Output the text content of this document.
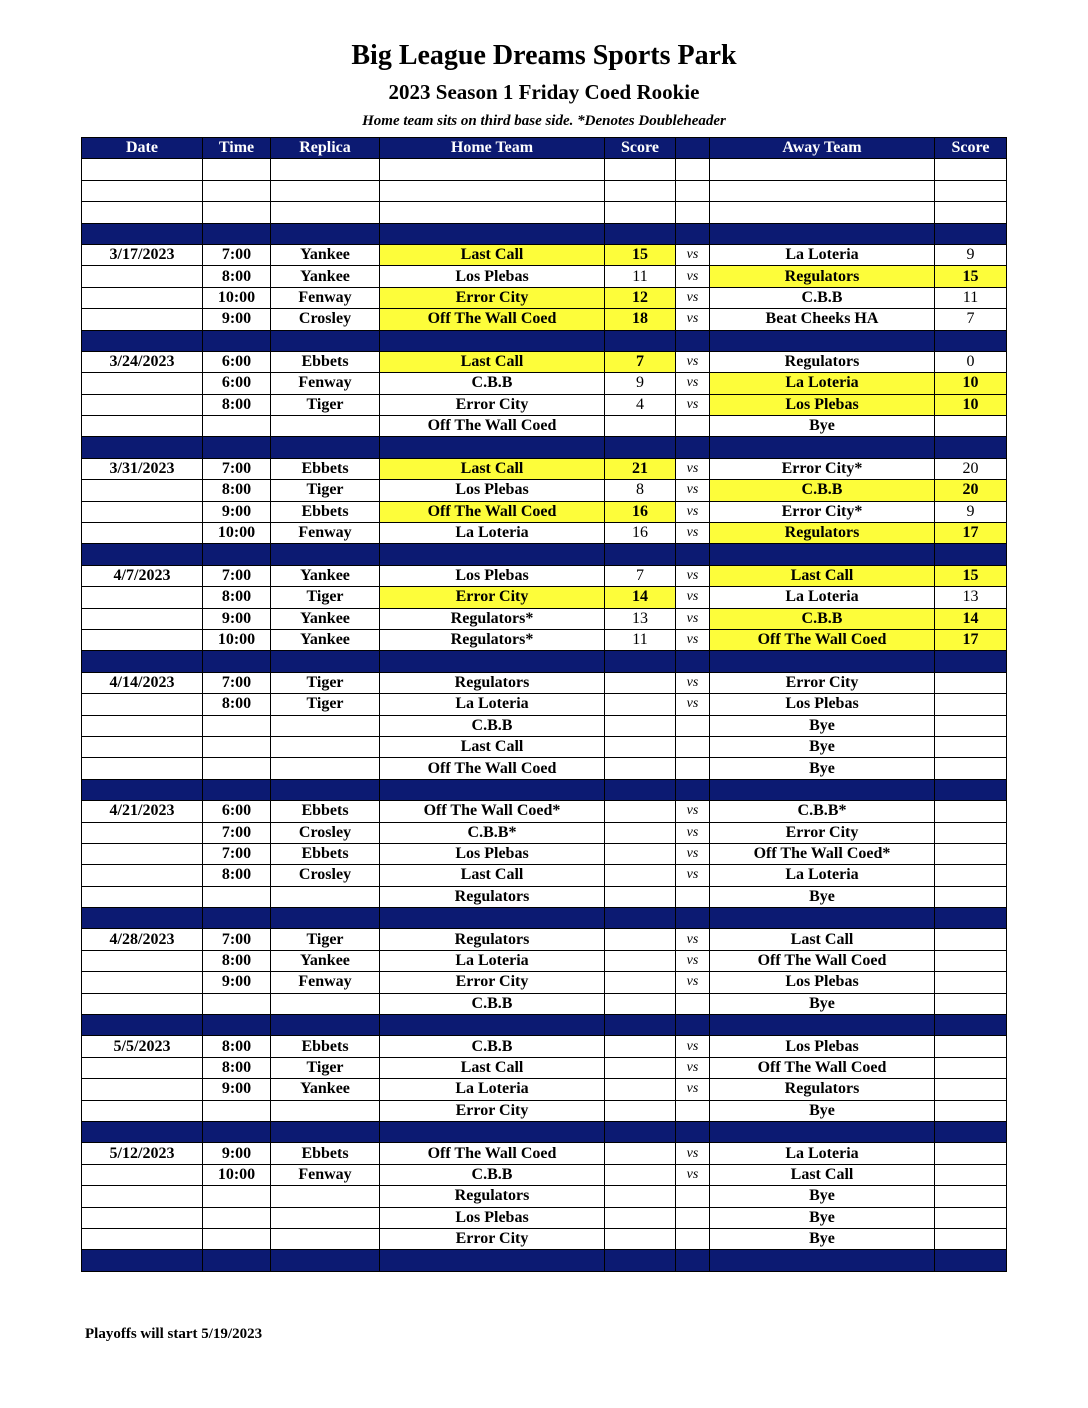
Big League Dreams Sports Park
2023 Season 1 Friday Coed Rookie
Home team sits on third base side. *Denotes Doubleheader
Date	Time	Replica	Home Team	Score		Away Team	Score

3/17/2023	7:00	Yankee	Last Call	15	vs	La Loteria	9
	8:00	Yankee	Los Plebas	11	vs	Regulators	15
	10:00	Fenway	Error City	12	vs	C.B.B	11
	9:00	Crosley	Off The Wall Coed	18	vs	Beat Cheeks HA	7

3/24/2023	6:00	Ebbets	Last Call	7	vs	Regulators	0
	6:00	Fenway	C.B.B	9	vs	La Loteria	10
	8:00	Tiger	Error City	4	vs	Los Plebas	10
			Off The Wall Coed			Bye	

3/31/2023	7:00	Ebbets	Last Call	21	vs	Error City*	20
	8:00	Tiger	Los Plebas	8	vs	C.B.B	20
	9:00	Ebbets	Off The Wall Coed	16	vs	Error City*	9
	10:00	Fenway	La Loteria	16	vs	Regulators	17

4/7/2023	7:00	Yankee	Los Plebas	7	vs	Last Call	15
	8:00	Tiger	Error City	14	vs	La Loteria	13
	9:00	Yankee	Regulators*	13	vs	C.B.B	14
	10:00	Yankee	Regulators*	11	vs	Off The Wall Coed	17

4/14/2023	7:00	Tiger	Regulators		vs	Error City	
	8:00	Tiger	La Loteria		vs	Los Plebas	
			C.B.B			Bye	
			Last Call			Bye	
			Off The Wall Coed			Bye	

4/21/2023	6:00	Ebbets	Off The Wall Coed*		vs	C.B.B*	
	7:00	Crosley	C.B.B*		vs	Error City	
	7:00	Ebbets	Los Plebas		vs	Off The Wall Coed*	
	8:00	Crosley	Last Call		vs	La Loteria	
			Regulators			Bye	

4/28/2023	7:00	Tiger	Regulators		vs	Last Call	
	8:00	Yankee	La Loteria		vs	Off The Wall Coed	
	9:00	Fenway	Error City		vs	Los Plebas	
			C.B.B			Bye	

5/5/2023	8:00	Ebbets	C.B.B		vs	Los Plebas	
	8:00	Tiger	Last Call		vs	Off The Wall Coed	
	9:00	Yankee	La Loteria		vs	Regulators	
			Error City			Bye	

5/12/2023	9:00	Ebbets	Off The Wall Coed		vs	La Loteria	
	10:00	Fenway	C.B.B		vs	Last Call	
			Regulators			Bye	
			Los Plebas			Bye	
			Error City			Bye	

Playoffs will start 5/19/2023
